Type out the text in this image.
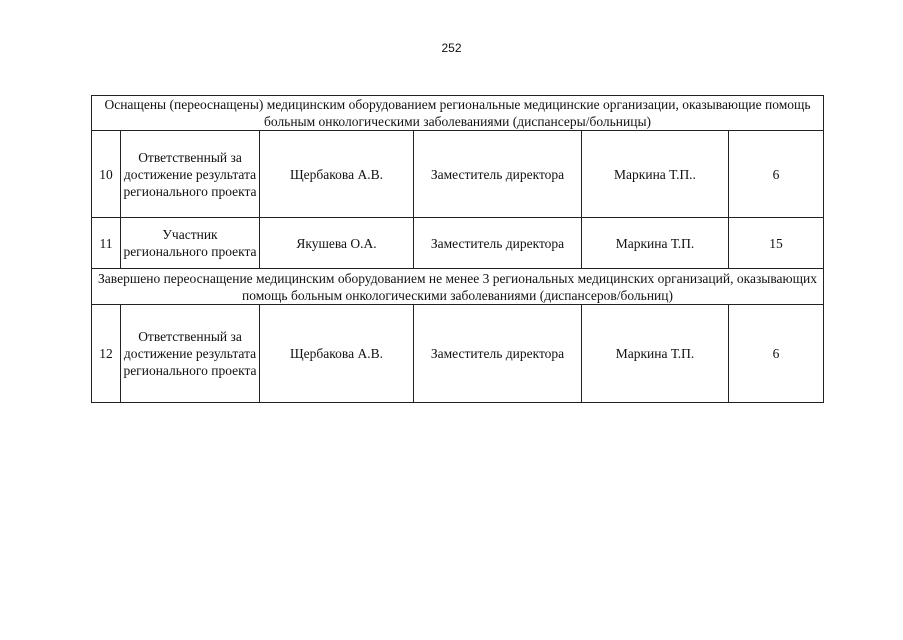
252
Оснащены (переоснащены) медицинским оборудованием региональные медицинские организации, оказывающие помощь больным онкологическими заболеваниями (диспансеры/больницы)					
10	Ответственный за достижение результата регионального проекта	Щербакова А.В.	Заместитель директора	Маркина Т.П..	6
11	Участник регионального проекта	Якушева О.А.	Заместитель директора	Маркина Т.П.	15
Завершено переоснащение медицинским оборудованием не менее 3 региональных медицинских организаций, оказывающих помощь больным онкологическими заболеваниями (диспансеров/больниц)					
12	Ответственный за достижение результата регионального проекта	Щербакова А.В.	Заместитель директора	Маркина Т.П.	6
